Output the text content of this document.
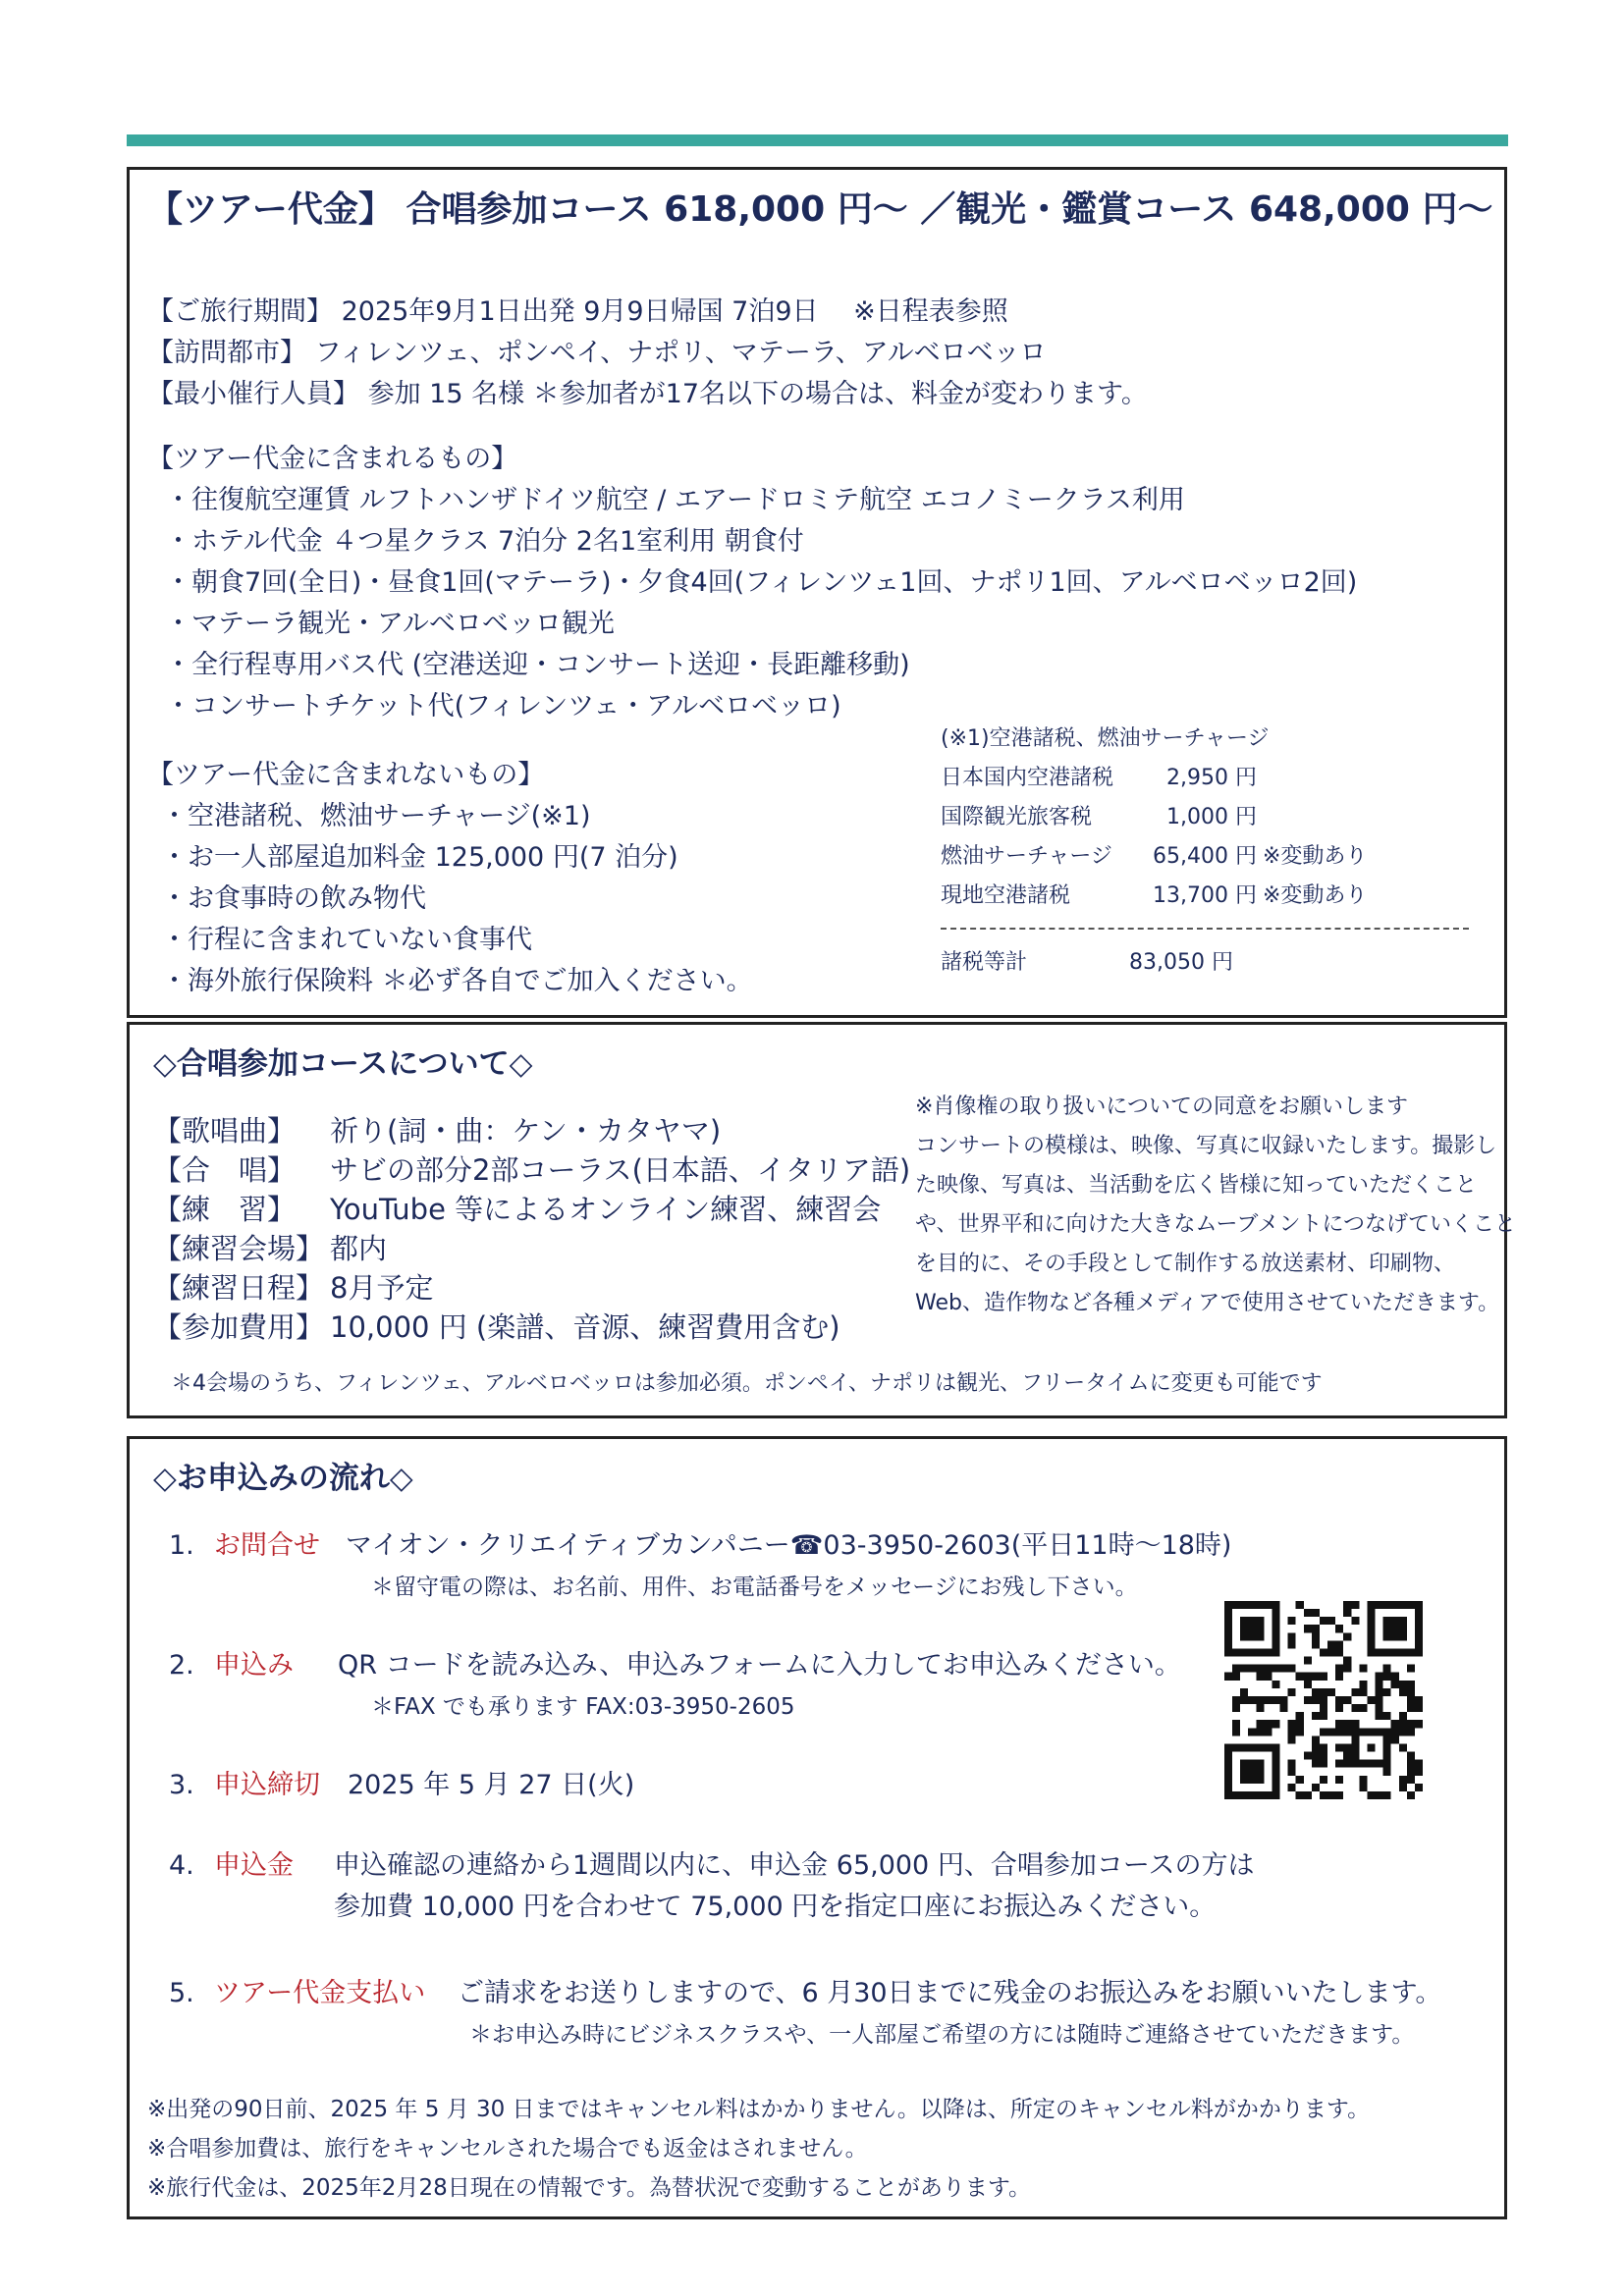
【ツアー代金】 合唱参加コース 618,000 円～ ／観光・鑑賞コース 648,000 円～
【ご旅行期間】 2025年9月1日出発 9月9日帰国 7泊9日　 ※日程表参照
【訪問都市】 フィレンツェ、ポンペイ、ナポリ、マテーラ、アルベロベッロ
【最小催行人員】 参加 15 名様 ＊参加者が17名以下の場合は、料金が変わります。
【ツアー代金に含まれるもの】
・往復航空運賃 ルフトハンザドイツ航空 / エアードロミテ航空 エコノミークラス利用
・ホテル代金 ４つ星クラス 7泊分 2名1室利用 朝食付
・朝食7回(全日)・昼食1回(マテーラ)・夕食4回(フィレンツェ1回、ナポリ1回、アルベロベッロ2回)
・マテーラ観光・アルベロベッロ観光
・全行程専用バス代 (空港送迎・コンサート送迎・長距離移動)
・コンサートチケット代(フィレンツェ・アルベロベッロ)
【ツアー代金に含まれないもの】
・空港諸税、燃油サーチャージ(※1)
・お一人部屋追加料金 125,000 円(7 泊分)
・お食事時の飲み物代
・行程に含まれていない食事代
・海外旅行保険料 ＊必ず各自でご加入ください。
(※1)空港諸税、燃油サーチャージ
日本国内空港諸税 2,950 円
国際観光旅客税	1,000 円
燃油サーチャージ 65,400 円 ※変動あり
現地空港諸税	13,700 円 ※変動あり
諸税等計	83,050 円
◇合唱参加コースについて◇
【歌唱曲】 祈り(詞・曲：ケン・カタヤマ)
【合　唱】 サビの部分2部コーラス(日本語、イタリア語)
【練　習】 YouTube 等によるオンライン練習、練習会
【練習会場】 都内
【練習日程】 8月予定
【参加費用】 10,000 円 (楽譜、音源、練習費用含む)
※肖像権の取り扱いについての同意をお願いします
コンサートの模様は、映像、写真に収録いたします。撮影し
た映像、写真は、当活動を広く皆様に知っていただくこと
や、世界平和に向けた大きなムーブメントにつなげていくこと
を目的に、その手段として制作する放送素材、印刷物、
Web、造作物など各種メディアで使用させていただきます。
＊4会場のうち、フィレンツェ、アルベロベッロは参加必須。ポンペイ、ナポリは観光、フリータイムに変更も可能です
◇お申込みの流れ◇
1. お問合せ マイオン・クリエイティブカンパニー☎03-3950-2603(平日11時～18時)
＊留守電の際は、お名前、用件、お電話番号をメッセージにお残し下さい。
2. 申込み QR コードを読み込み、申込みフォームに入力してお申込みください。
＊FAX でも承ります FAX:03-3950-2605
3. 申込締切 2025 年 5 月 27 日(火)
4. 申込金 申込確認の連絡から1週間以内に、申込金 65,000 円、合唱参加コースの方は
参加費 10,000 円を合わせて 75,000 円を指定口座にお振込みください。
5. ツアー代金支払い ご請求をお送りしますので、6 月30日までに残金のお振込みをお願いいたします。
＊お申込み時にビジネスクラスや、一人部屋ご希望の方には随時ご連絡させていただきます。
※出発の90日前、2025 年 5 月 30 日まではキャンセル料はかかりません。以降は、所定のキャンセル料がかかります。
※合唱参加費は、旅行をキャンセルされた場合でも返金はされません。
※旅行代金は、2025年2月28日現在の情報です。為替状況で変動することがあります。
